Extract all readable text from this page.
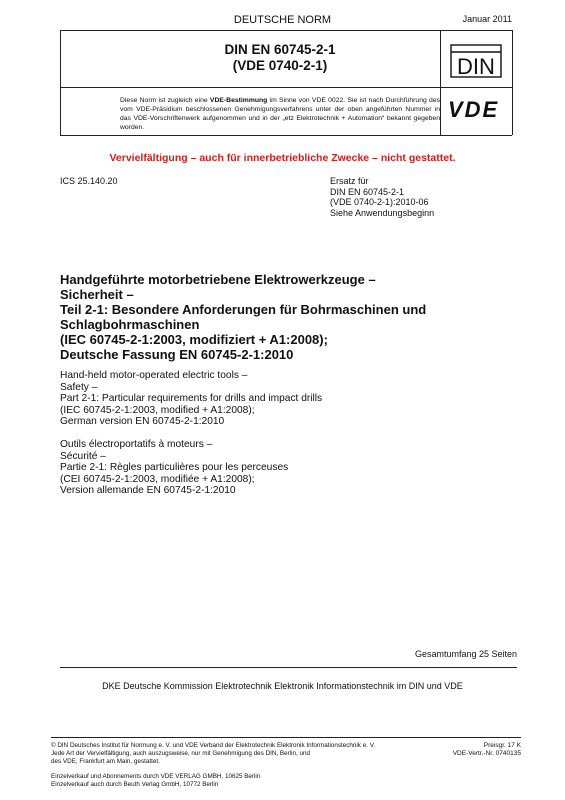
DEUTSCHE NORM	Januar 2011
DIN EN 60745-2-1
(VDE 0740-2-1)	DIN
Diese Norm ist zugleich eine VDE-Bestimmung im Sinne von VDE 0022. Sie ist nach Durchführung des vom VDE-Präsidium beschlossenen Genehmigungsverfahrens unter der oben angeführten Nummer in das VDE-Vorschriftenwerk aufgenommen und in der „etz Elektrotechnik + Automation“ bekannt gegeben worden.
VDE
Vervielfältigung – auch für innerbetriebliche Zwecke – nicht gestattet.
ICS 25.140.20	Ersatz für
DIN EN 60745-2-1
(VDE 0740-2-1):2010-06
Siehe Anwendungsbeginn
Handgeführte motorbetriebene Elektrowerkzeuge –
Sicherheit –
Teil 2-1: Besondere Anforderungen für Bohrmaschinen und
Schlagbohrmaschinen
(IEC 60745-2-1:2003, modifiziert + A1:2008);
Deutsche Fassung EN 60745-2-1:2010
Hand-held motor-operated electric tools –
Safety –
Part 2-1: Particular requirements for drills and impact drills
(IEC 60745-2-1:2003, modified + A1:2008);
German version EN 60745-2-1:2010
Outils électroportatifs à moteurs –
Sécurité –
Partie 2-1: Règles particulières pour les perceuses
(CEI 60745-2-1:2003, modifiée + A1:2008);
Version allemande EN 60745-2-1:2010
Gesamtumfang 25 Seiten
DKE Deutsche Kommission Elektrotechnik Elektronik Informationstechnik im DIN und VDE
© DIN Deutsches Institut für Normung e. V. und VDE Verband der Elektrotechnik Elektronik Informationstechnik e. V.
Jede Art der Vervielfältigung, auch auszugsweise, nur mit Genehmigung des DIN, Berlin, und
des VDE, Frankfurt am Main, gestattet.
Preisgr. 17 K
VDE-Vertr.-Nr. 0740135
Einzelverkauf und Abonnements durch VDE VERLAG GMBH, 10625 Berlin
Einzelverkauf auch durch Beuth Verlag GmbH, 10772 Berlin
